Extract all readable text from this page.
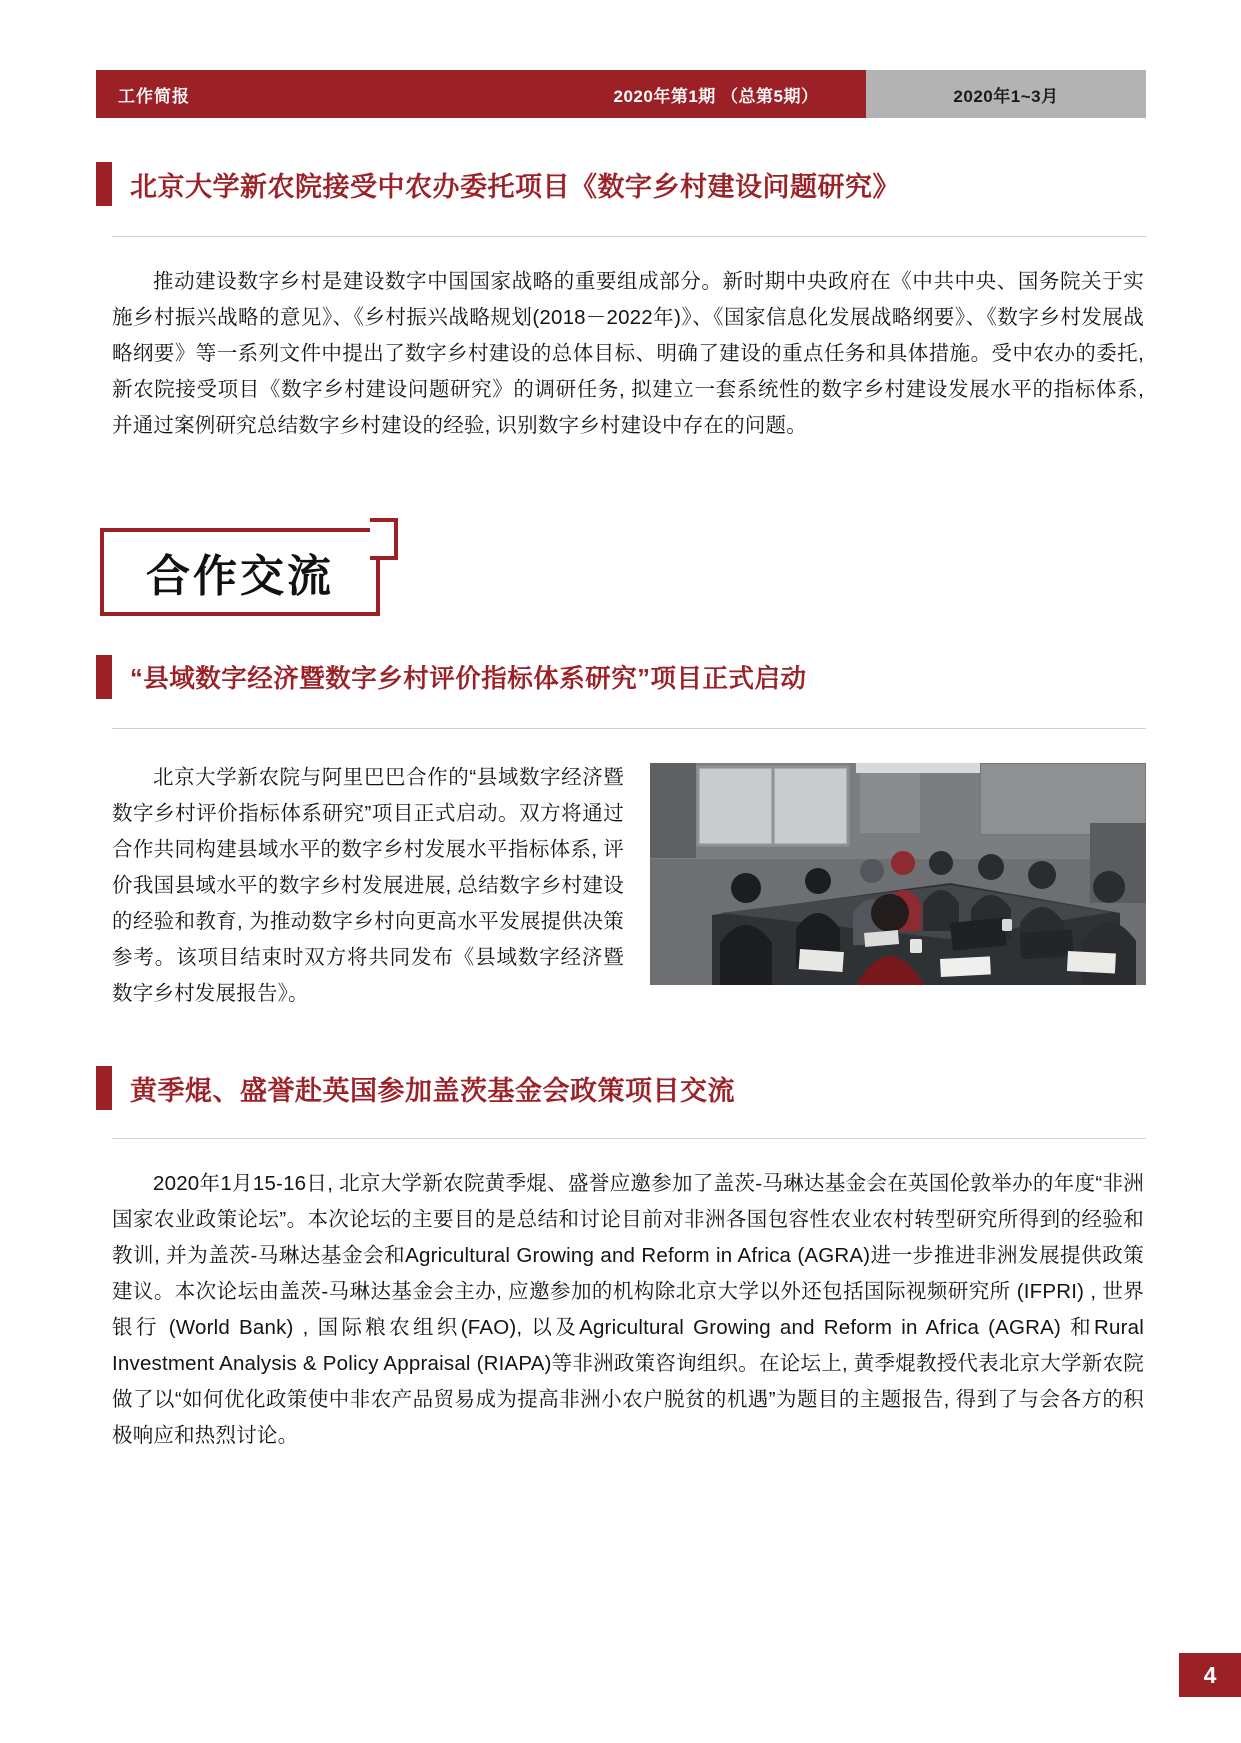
工作简报	2020年第1期 （总第5期）	2020年1~3月
北京大学新农院接受中农办委托项目《数字乡村建设问题研究》
推动建设数字乡村是建设数字中国国家战略的重要组成部分。新时期中央政府在《中共中央、国务院关于实施乡村振兴战略的意见》、《乡村振兴战略规划(2018－2022年)》、《国家信息化发展战略纲要》、《数字乡村发展战略纲要》等一系列文件中提出了数字乡村建设的总体目标、明确了建设的重点任务和具体措施。受中农办的委托, 新农院接受项目《数字乡村建设问题研究》的调研任务, 拟建立一套系统性的数字乡村建设发展水平的指标体系, 并通过案例研究总结数字乡村建设的经验, 识别数字乡村建设中存在的问题。
合作交流
“县域数字经济暨数字乡村评价指标体系研究”项目正式启动
北京大学新农院与阿里巴巴合作的“县域数字经济暨数字乡村评价指标体系研究”项目正式启动。双方将通过合作共同构建县域水平的数字乡村发展水平指标体系, 评价我国县域水平的数字乡村发展进展, 总结数字乡村建设的经验和教育, 为推动数字乡村向更高水平发展提供决策参考。该项目结束时双方将共同发布《县域数字经济暨数字乡村发展报告》。
黄季焜、盛誉赴英国参加盖茨基金会政策项目交流
2020年1月15-16日, 北京大学新农院黄季焜、盛誉应邀参加了盖茨-马琳达基金会在英国伦敦举办的年度“非洲国家农业政策论坛”。本次论坛的主要目的是总结和讨论目前对非洲各国包容性农业农村转型研究所得到的经验和教训, 并为盖茨-马琳达基金会和Agricultural Growing and Reform in Africa (AGRA)进一步推进非洲发展提供政策建议。本次论坛由盖茨-马琳达基金会主办, 应邀参加的机构除北京大学以外还包括国际视频研究所 (IFPRI) , 世界银行 (World Bank) , 国际粮农组织(FAO), 以及Agricultural Growing and Reform in Africa (AGRA) 和Rural Investment Analysis & Policy Appraisal (RIAPA)等非洲政策咨询组织。在论坛上, 黄季焜教授代表北京大学新农院做了以“如何优化政策使中非农产品贸易成为提高非洲小农户脱贫的机遇”为题目的主题报告, 得到了与会各方的积极响应和热烈讨论。
4
